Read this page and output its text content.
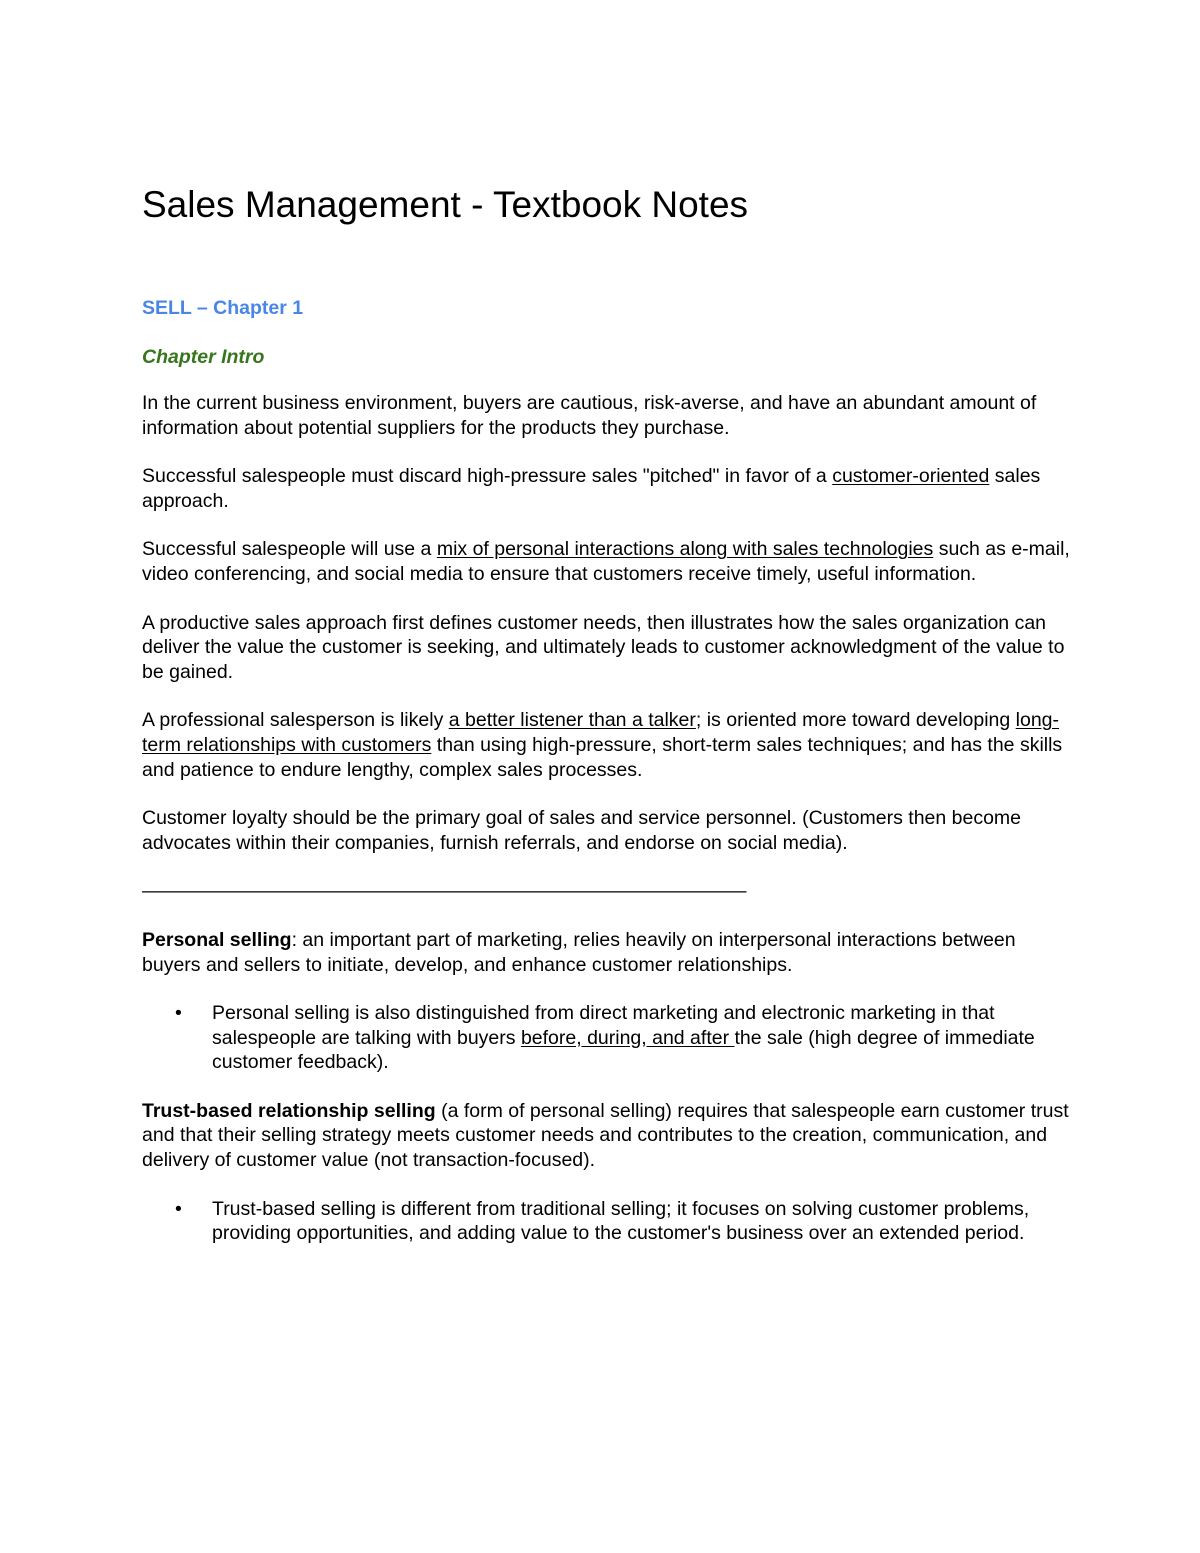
Sales Management - Textbook Notes
SELL – Chapter 1
Chapter Intro

In the current business environment, buyers are cautious, risk-averse, and have an abundant amount of information about potential suppliers for the products they purchase.

Successful salespeople must discard high-pressure sales "pitched" in favor of a customer-oriented sales approach.

Successful salespeople will use a mix of personal interactions along with sales technologies such as e-mail, video conferencing, and social media to ensure that customers receive timely, useful information.

A productive sales approach first defines customer needs, then illustrates how the sales organization can deliver the value the customer is seeking, and ultimately leads to customer acknowledgment of the value to be gained.

A professional salesperson is likely a better listener than a talker; is oriented more toward developing long-term relationships with customers than using high-pressure, short-term sales techniques; and has the skills and patience to endure lengthy, complex sales processes.

Customer loyalty should be the primary goal of sales and service personnel. (Customers then become advocates within their companies, furnish referrals, and endorse on social media).

———————————————————————————————

Personal selling: an important part of marketing, relies heavily on interpersonal interactions between buyers and sellers to initiate, develop, and enhance customer relationships.

• Personal selling is also distinguished from direct marketing and electronic marketing in that salespeople are talking with buyers before, during, and after the sale (high degree of immediate customer feedback).

Trust-based relationship selling (a form of personal selling) requires that salespeople earn customer trust and that their selling strategy meets customer needs and contributes to the creation, communication, and delivery of customer value (not transaction-focused).

• Trust-based selling is different from traditional selling; it focuses on solving customer problems, providing opportunities, and adding value to the customer's business over an extended period.
